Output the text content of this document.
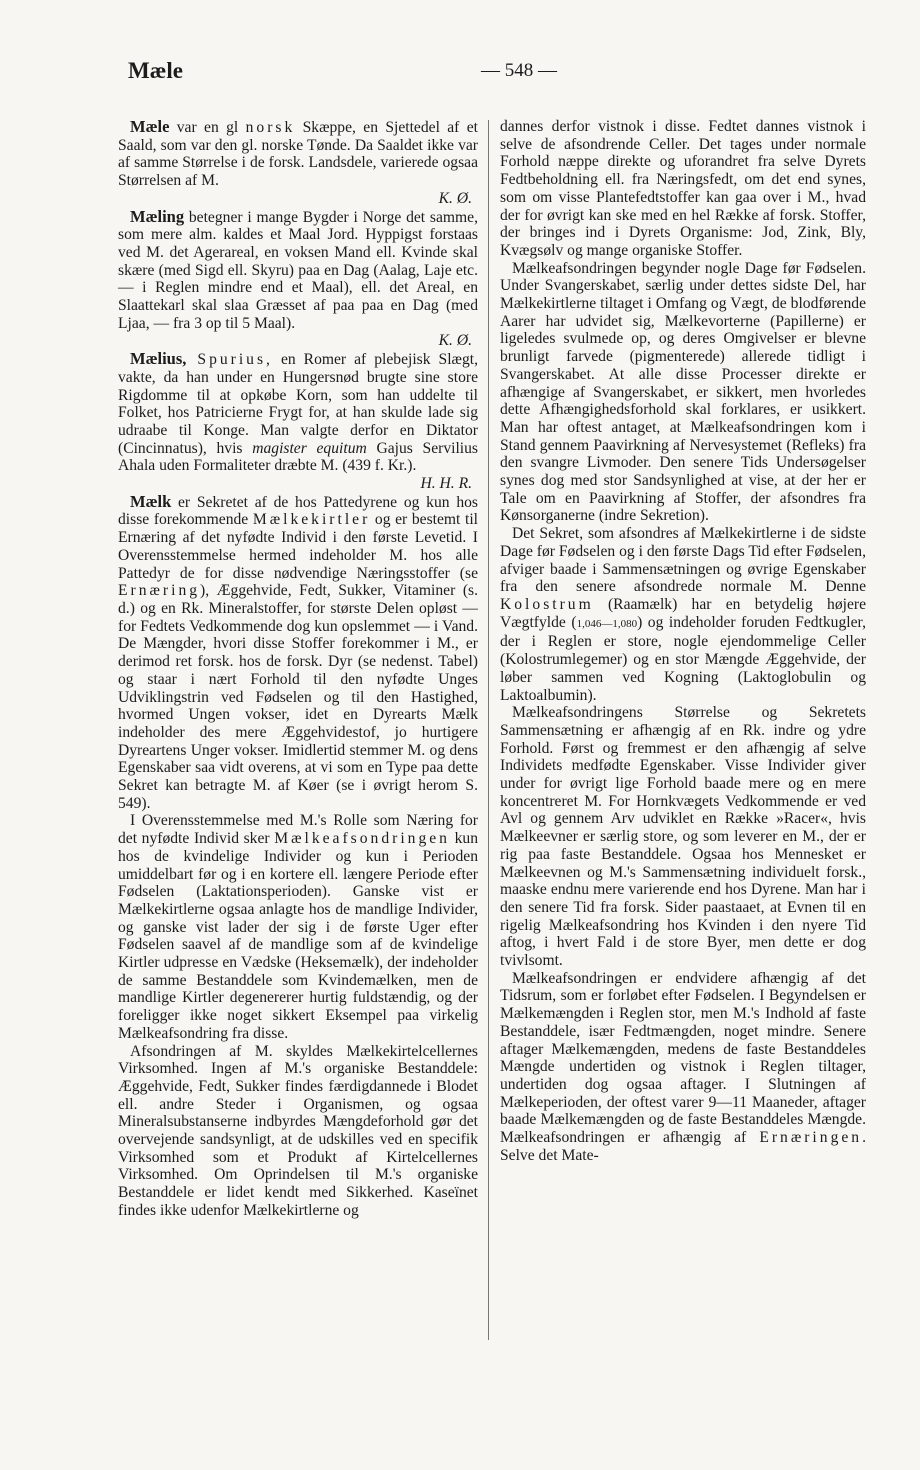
Mæle	— 548 —

Mæle var en gl norsk Skæppe, en Sjettedel af et Saald, som var den gl. norske Tønde. Da Saaldet ikke var af samme Størrelse i de forsk. Landsdele, varierede ogsaa Størrelsen af M.
K. Ø.

Mæling betegner i mange Bygder i Norge det samme, som mere alm. kaldes et Maal Jord. Hyppigst forstaas ved M. det Agerareal, en voksen Mand ell. Kvinde skal skære (med Sigd ell. Skyru) paa en Dag (Aalag, Laje etc. — i Reglen mindre end et Maal), ell. det Areal, en Slaattekarl skal slaa Græsset af paa paa en Dag (med Ljaa, — fra 3 op til 5 Maal).
K. Ø.

Mælius, Spurius, en Romer af plebejisk Slægt, vakte, da han under en Hungersnød brugte sine store Rigdomme til at opkøbe Korn, som han uddelte til Folket, hos Patricierne Frygt for, at han skulde lade sig udraabe til Konge. Man valgte derfor en Diktator (Cincinnatus), hvis magister equitum Gajus Servilius Ahala uden Formaliteter dræbte M. (439 f. Kr.).
H. H. R.

Mælk er Sekretet af de hos Pattedyrene og kun hos disse forekommende Mælkekirtler og er bestemt til Ernæring af det nyfødte Individ i den første Levetid. I Overensstemmelse hermed indeholder M. hos alle Pattedyr de for disse nødvendige Næringsstoffer (se Ernæring), Æggehvide, Fedt, Sukker, Vitaminer (s. d.) og en Rk. Mineralstoffer, for største Delen opløst — for Fedtets Vedkommende dog kun opslemmet — i Vand. De Mængder, hvori disse Stoffer forekommer i M., er derimod ret forsk. hos de forsk. Dyr (se nedenst. Tabel) og staar i nært Forhold til den nyfødte Unges Udviklingstrin ved Fødselen og til den Hastighed, hvormed Ungen vokser, idet en Dyrearts Mælk indeholder des mere Æggehvidestof, jo hurtigere Dyreartens Unger vokser. Imidlertid stemmer M. og dens Egenskaber saa vidt overens, at vi som en Type paa dette Sekret kan betragte M. af Køer (se i øvrigt herom S. 549).

I Overensstemmelse med M.'s Rolle som Næring for det nyfødte Individ sker Mælkeafsondringen kun hos de kvindelige Individer og kun i Perioden umiddelbart før og i en kortere ell. længere Periode efter Fødselen (Laktationsperioden). Ganske vist er Mælkekirtlerne ogsaa anlagte hos de mandlige Individer, og ganske vist lader der sig i de første Uger efter Fødselen saavel af de mandlige som af de kvindelige Kirtler udpresse en Vædske (Heksemælk), der indeholder de samme Bestanddele som Kvindemælken, men de mandlige Kirtler degenererer hurtig fuldstændig, og der foreligger ikke noget sikkert Eksempel paa virkelig Mælkeafsondring fra disse.

Afsondringen af M. skyldes Mælkekirtelcellernes Virksomhed. Ingen af M.'s organiske Bestanddele: Æggehvide, Fedt, Sukker findes færdigdannede i Blodet ell. andre Steder i Organismen, og ogsaa Mineralsubstanserne indbyrdes Mængdeforhold gør det overvejende sandsynligt, at de udskilles ved en specifik Virksomhed som et Produkt af Kirtelcellernes Virksomhed. Om Oprindelsen til M.'s organiske Bestanddele er lidet kendt med Sikkerhed. Kaseïnet findes ikke udenfor Mælkekirtlerne og

dannes derfor vistnok i disse. Fedtet dannes vistnok i selve de afsondrende Celler. Det tages under normale Forhold næppe direkte og uforandret fra selve Dyrets Fedtbeholdning ell. fra Næringsfedt, om det end synes, som om visse Plantefedtstoffer kan gaa over i M., hvad der for øvrigt kan ske med en hel Række af forsk. Stoffer, der bringes ind i Dyrets Organisme: Jod, Zink, Bly, Kvægsølv og mange organiske Stoffer.

Mælkeafsondringen begynder nogle Dage før Fødselen. Under Svangerskabet, særlig under dettes sidste Del, har Mælkekirtlerne tiltaget i Omfang og Vægt, de blodførende Aarer har udvidet sig, Mælkevorterne (Papillerne) er ligeledes svulmede op, og deres Omgivelser er blevne brunligt farvede (pigmenterede) allerede tidligt i Svangerskabet. At alle disse Processer direkte er afhængige af Svangerskabet, er sikkert, men hvorledes dette Afhængighedsforhold skal forklares, er usikkert. Man har oftest antaget, at Mælkeafsondringen kom i Stand gennem Paavirkning af Nervesystemet (Refleks) fra den svangre Livmoder. Den senere Tids Undersøgelser synes dog med stor Sandsynlighed at vise, at der her er Tale om en Paavirkning af Stoffer, der afsondres fra Kønsorganerne (indre Sekretion).

Det Sekret, som afsondres af Mælkekirtlerne i de sidste Dage før Fødselen og i den første Dags Tid efter Fødselen, afviger baade i Sammensætningen og øvrige Egenskaber fra den senere afsondrede normale M. Denne Kolostrum (Raamælk) har en betydelig højere Vægtfylde (1,046—1,080) og indeholder foruden Fedtkugler, der i Reglen er store, nogle ejendommelige Celler (Kolostrumlegemer) og en stor Mængde Æggehvide, der løber sammen ved Kogning (Laktoglobulin og Laktoalbumin).

Mælkeafsondringens Størrelse og Sekretets Sammensætning er afhængig af en Rk. indre og ydre Forhold. Først og fremmest er den afhængig af selve Individets medfødte Egenskaber. Visse Individer giver under for øvrigt lige Forhold baade mere og en mere koncentreret M. For Hornkvægets Vedkommende er ved Avl og gennem Arv udviklet en Række »Racer«, hvis Mælkeevner er særlig store, og som leverer en M., der er rig paa faste Bestanddele. Ogsaa hos Mennesket er Mælkeevnen og M.'s Sammensætning individuelt forsk., maaske endnu mere varierende end hos Dyrene. Man har i den senere Tid fra forsk. Sider paastaaet, at Evnen til en rigelig Mælkeafsondring hos Kvinden i den nyere Tid aftog, i hvert Fald i de store Byer, men dette er dog tvivlsomt.

Mælkeafsondringen er endvidere afhængig af det Tidsrum, som er forløbet efter Fødselen. I Begyndelsen er Mælkemængden i Reglen stor, men M.'s Indhold af faste Bestanddele, især Fedtmængden, noget mindre. Senere aftager Mælkemængden, medens de faste Bestanddeles Mængde undertiden og vistnok i Reglen tiltager, undertiden dog ogsaa aftager. I Slutningen af Mælkeperioden, der oftest varer 9—11 Maaneder, aftager baade Mælkemængden og de faste Bestanddeles Mængde. Mælkeafsondringen er afhængig af Ernæringen. Selve det Mate-
